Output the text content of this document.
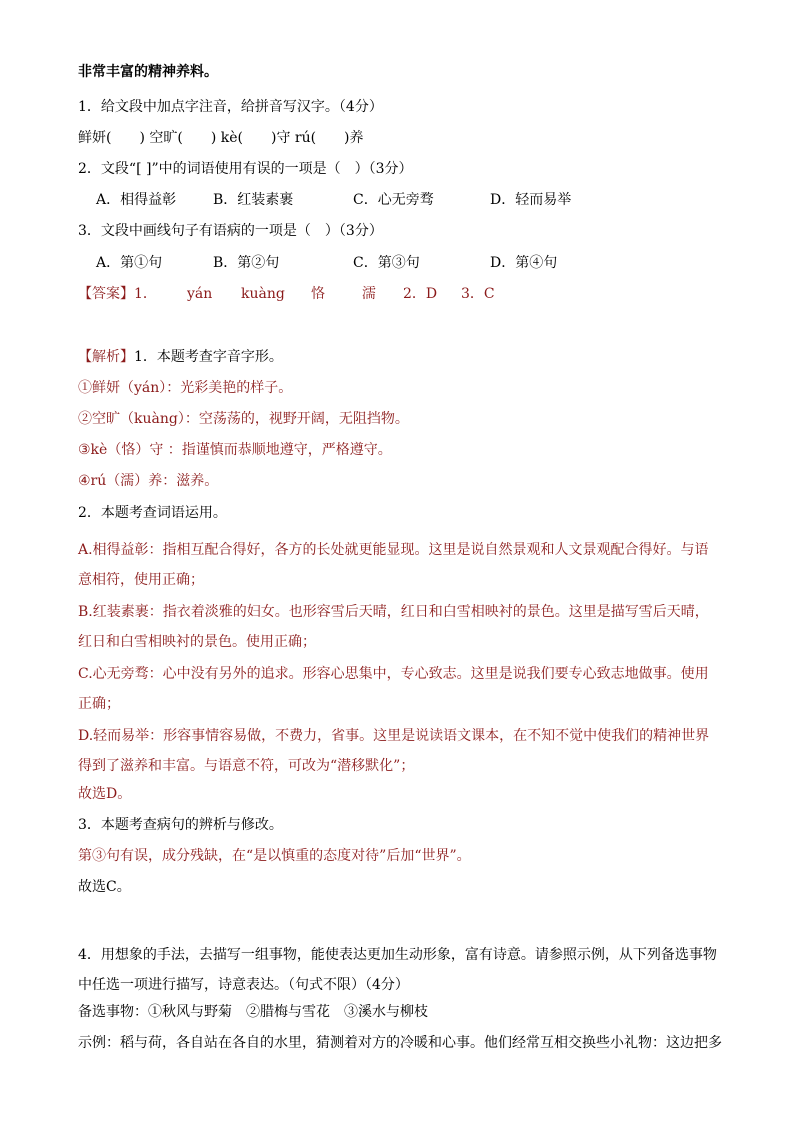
非常丰富的精神养料。
1．给文段中加点字注音，给拼音写汉字。（4分）
鲜妍(　　) 空旷(　　) kè(　　)守 rú(　　)养
2．文段“[ ]”中的词语使用有误的一项是（　）（3分）
A．相得益彰	B．红装素裹	C．心无旁骛	D．轻而易举
3．文段中画线句子有语病的一项是（　）（3分）
A．第①句	B．第②句	C．第③句	D．第④句
【答案】 1． yán kuàng 恪	濡 2．D 3．C
【解析】 1．本题考查字音字形。
①鲜妍（yán）：光彩美艳的样子。
②空旷（kuàng）：空荡荡的，视野开阔，无阻挡物。
③kè（恪）守 ：指谨慎而恭顺地遵守，严格遵守。
④rú（濡）养：滋养。
2．本题考查词语运用。
A.相得益彰：指相互配合得好，各方的长处就更能显现。这里是说自然景观和人文景观配合得好。与语意相符，使用正确；
B.红装素裹：指衣着淡雅的妇女。也形容雪后天晴，红日和白雪相映衬的景色。这里是描写雪后天晴，红日和白雪相映衬的景色。使用正确；
C.心无旁骛：心中没有另外的追求。形容心思集中，专心致志。这里是说我们要专心致志地做事。使用正确；
D.轻而易举：形容事情容易做，不费力，省事。这里是说读语文课本，在不知不觉中使我们的精神世界得到了滋养和丰富。与语意不符，可改为“潜移默化”；
故选D。
3．本题考查病句的辨析与修改。
第③句有误，成分残缺，在“是以慎重的态度对待”后加“世界”。
故选C。
4．用想象的手法，去描写一组事物，能使表达更加生动形象，富有诗意。请参照示例，从下列备选事物中任选一项进行描写，诗意表达。（句式不限）（4分）
备选事物：①秋风与野菊　②腊梅与雪花　③溪水与柳枝
示例：稻与荷，各自站在各自的水里，猜测着对方的冷暖和心事。他们经常互相交换些小礼物：这边把多
